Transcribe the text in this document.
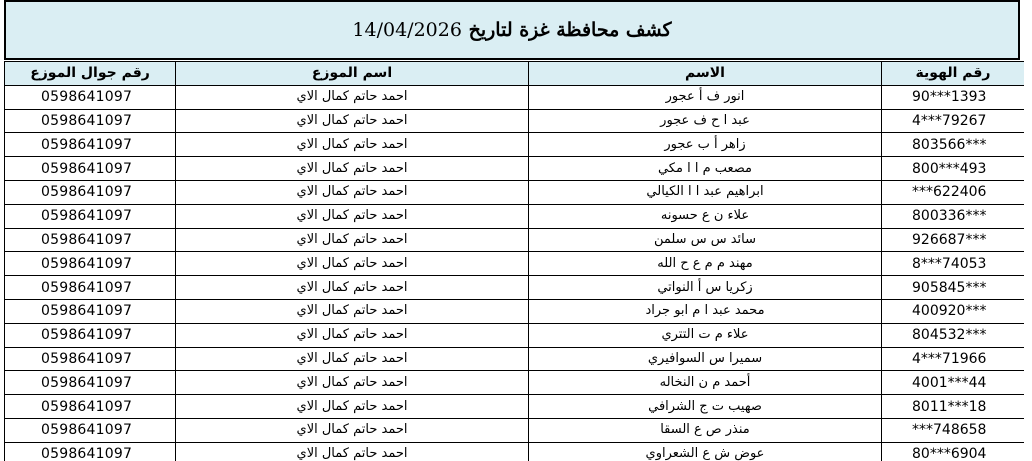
كشف محافظة غزة لتاريخ 14/04/2026
رقم جوال الموزع	اسم الموزع	الاسم	رقم الهوية
0598641097	احمد حاتم كمال الاي	انور ف أ عجور	90***1393
0598641097	احمد حاتم كمال الاي	عبد ا ح ف عجور	4***79267
0598641097	احمد حاتم كمال الاي	زاهر أ ب عجور	803566***
0598641097	احمد حاتم كمال الاي	مصعب م ا ا مكي	800***493
0598641097	احمد حاتم كمال الاي	ابراهيم عبد ا ا الكيالي	***622406
0598641097	احمد حاتم كمال الاي	علاء ن ع حسونه	800336***
0598641097	احمد حاتم كمال الاي	سائد س س سلمن	926687***
0598641097	احمد حاتم كمال الاي	مهند م م ع ح الله	8***74053
0598641097	احمد حاتم كمال الاي	زكريا س أ النواتي	905845***
0598641097	احمد حاتم كمال الاي	محمد عبد ا م ابو جراد	400920***
0598641097	احمد حاتم كمال الاي	علاء م ت التتري	804532***
0598641097	احمد حاتم كمال الاي	سميرا س السوافيري	4***71966
0598641097	احمد حاتم كمال الاي	أحمد م ن النخاله	4001***44
0598641097	احمد حاتم كمال الاي	صهيب ت ج الشرافي	8011***18
0598641097	احمد حاتم كمال الاي	منذر ص ع السقا	***748658
0598641097	احمد حاتم كمال الاي	عوض ش ع الشعراوي	80***6904
